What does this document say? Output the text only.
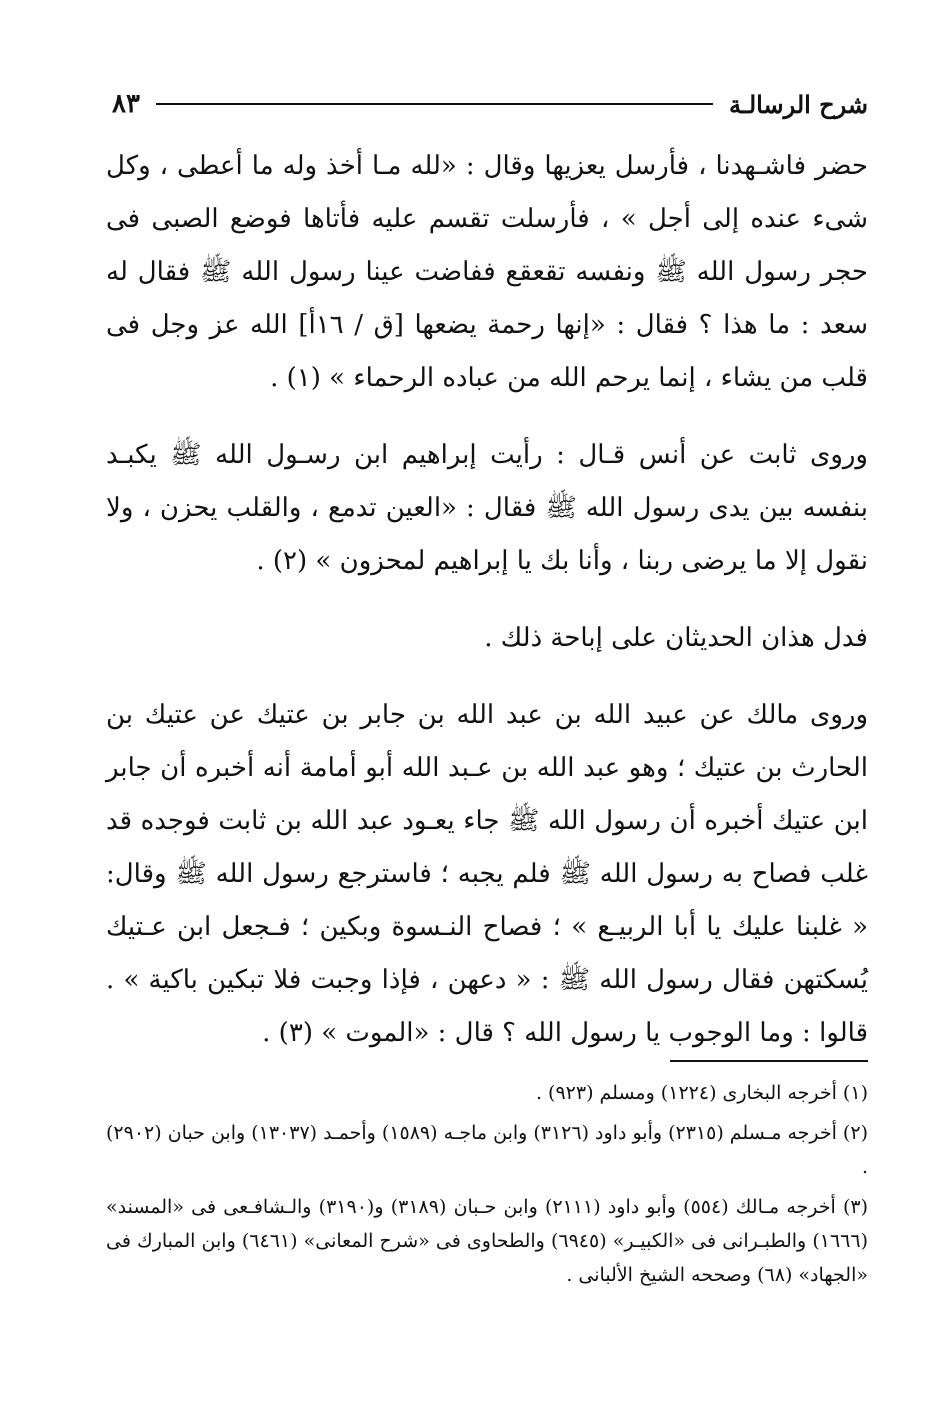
شرح الرسالـة
٨٣

حضر فاشـهدنا ، فأرسل يعزيها وقال : «لله مـا أخذ وله ما أعطى ، وكل شىء عنده إلى أجل » ، فأرسلت تقسم عليه فأتاها فوضع الصبى فى حجر رسول الله ﷺ ونفسه تقعقع ففاضت عينا رسول الله ﷺ فقال له سعد : ما هذا ؟ فقال : «إنها رحمة يضعها [ق / ١٦أ] الله عز وجل فى قلب من يشاء ، إنما يرحم الله من عباده الرحماء » (١) .

وروى ثابت عن أنس قـال : رأيت إبراهيم ابن رسـول الله ﷺ يكبـد بنفسه بين يدى رسول الله ﷺ فقال : «العين تدمع ، والقلب يحزن ، ولا نقول إلا ما يرضى ربنا ، وأنا بك يا إبراهيم لمحزون » (٢) .

فدل هذان الحديثان على إباحة ذلك .

وروى مالك عن عبيد الله بن عبد الله بن جابر بن عتيك عن عتيك بن الحارث بن عتيك ؛ وهو عبد الله بن عـبد الله أبو أمامة أنه أخبره أن جابر ابن عتيك أخبره أن رسول الله ﷺ جاء يعـود عبد الله بن ثابت فوجده قد غلب فصاح به رسول الله ﷺ فلم يجبه ؛ فاسترجع رسول الله ﷺ وقال: « غلبنا عليك يا أبا الربيـع » ؛ فصاح النـسوة وبكين ؛ فـجعل ابن عـتيك يُسكتهن فقال رسول الله ﷺ : « دعهن ، فإذا وجبت فلا تبكين باكية » . قالوا : وما الوجوب يا رسول الله ؟ قال : «الموت » (٣) .

(١) أخرجه البخارى (١٢٢٤) ومسلم (٩٢٣) .

(٢) أخرجه مـسلم (٢٣١٥) وأبو داود (٣١٢٦) وابن ماجـه (١٥٨٩) وأحمـد (١٣٠٣٧) وابن حبان (٢٩٠٢) .

(٣) أخرجه مـالك (٥٥٤) وأبو داود (٢١١١) وابن حـبان (٣١٨٩) و(٣١٩٠) والـشافـعى فى «المسند» (١٦٦٦) والطبـرانى فى «الكبيـر» (٦٩٤٥) والطحاوى فى «شرح المعانى» (٦٤٦١) وابن المبارك فى «الجهاد» (٦٨) وصححه الشيخ الألبانى .
